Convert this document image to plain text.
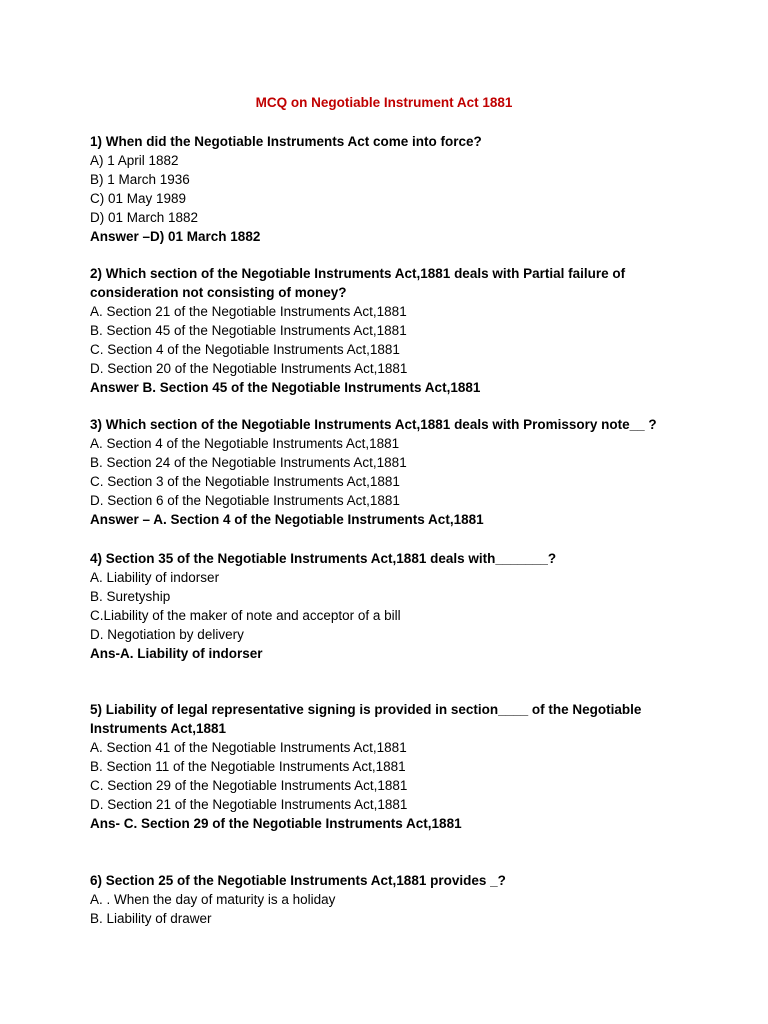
MCQ on Negotiable Instrument Act 1881
1) When did the Negotiable Instruments Act come into force?
A) 1 April 1882
B) 1 March 1936
C) 01 May 1989
D) 01 March 1882
Answer –D) 01 March 1882
2) Which section of the Negotiable Instruments Act,1881 deals with Partial failure of
consideration not consisting of money?
A. Section 21 of the Negotiable Instruments Act,1881
B. Section 45 of the Negotiable Instruments Act,1881
C. Section 4 of the Negotiable Instruments Act,1881
D. Section 20 of the Negotiable Instruments Act,1881
Answer B. Section 45 of the Negotiable Instruments Act,1881
3) Which section of the Negotiable Instruments Act,1881 deals with Promissory note__ ?
A. Section 4 of the Negotiable Instruments Act,1881
B. Section 24 of the Negotiable Instruments Act,1881
C. Section 3 of the Negotiable Instruments Act,1881
D. Section 6 of the Negotiable Instruments Act,1881
Answer – A. Section 4 of the Negotiable Instruments Act,1881
4) Section 35 of the Negotiable Instruments Act,1881 deals with_______?
A. Liability of indorser
B. Suretyship
C.Liability of the maker of note and acceptor of a bill
D. Negotiation by delivery
Ans-A. Liability of indorser
5) Liability of legal representative signing is provided in section____ of the Negotiable
Instruments Act,1881
A. Section 41 of the Negotiable Instruments Act,1881
B. Section 11 of the Negotiable Instruments Act,1881
C. Section 29 of the Negotiable Instruments Act,1881
D. Section 21 of the Negotiable Instruments Act,1881
Ans- C. Section 29 of the Negotiable Instruments Act,1881
6) Section 25 of the Negotiable Instruments Act,1881 provides _?
A. . When the day of maturity is a holiday
B. Liability of drawer
